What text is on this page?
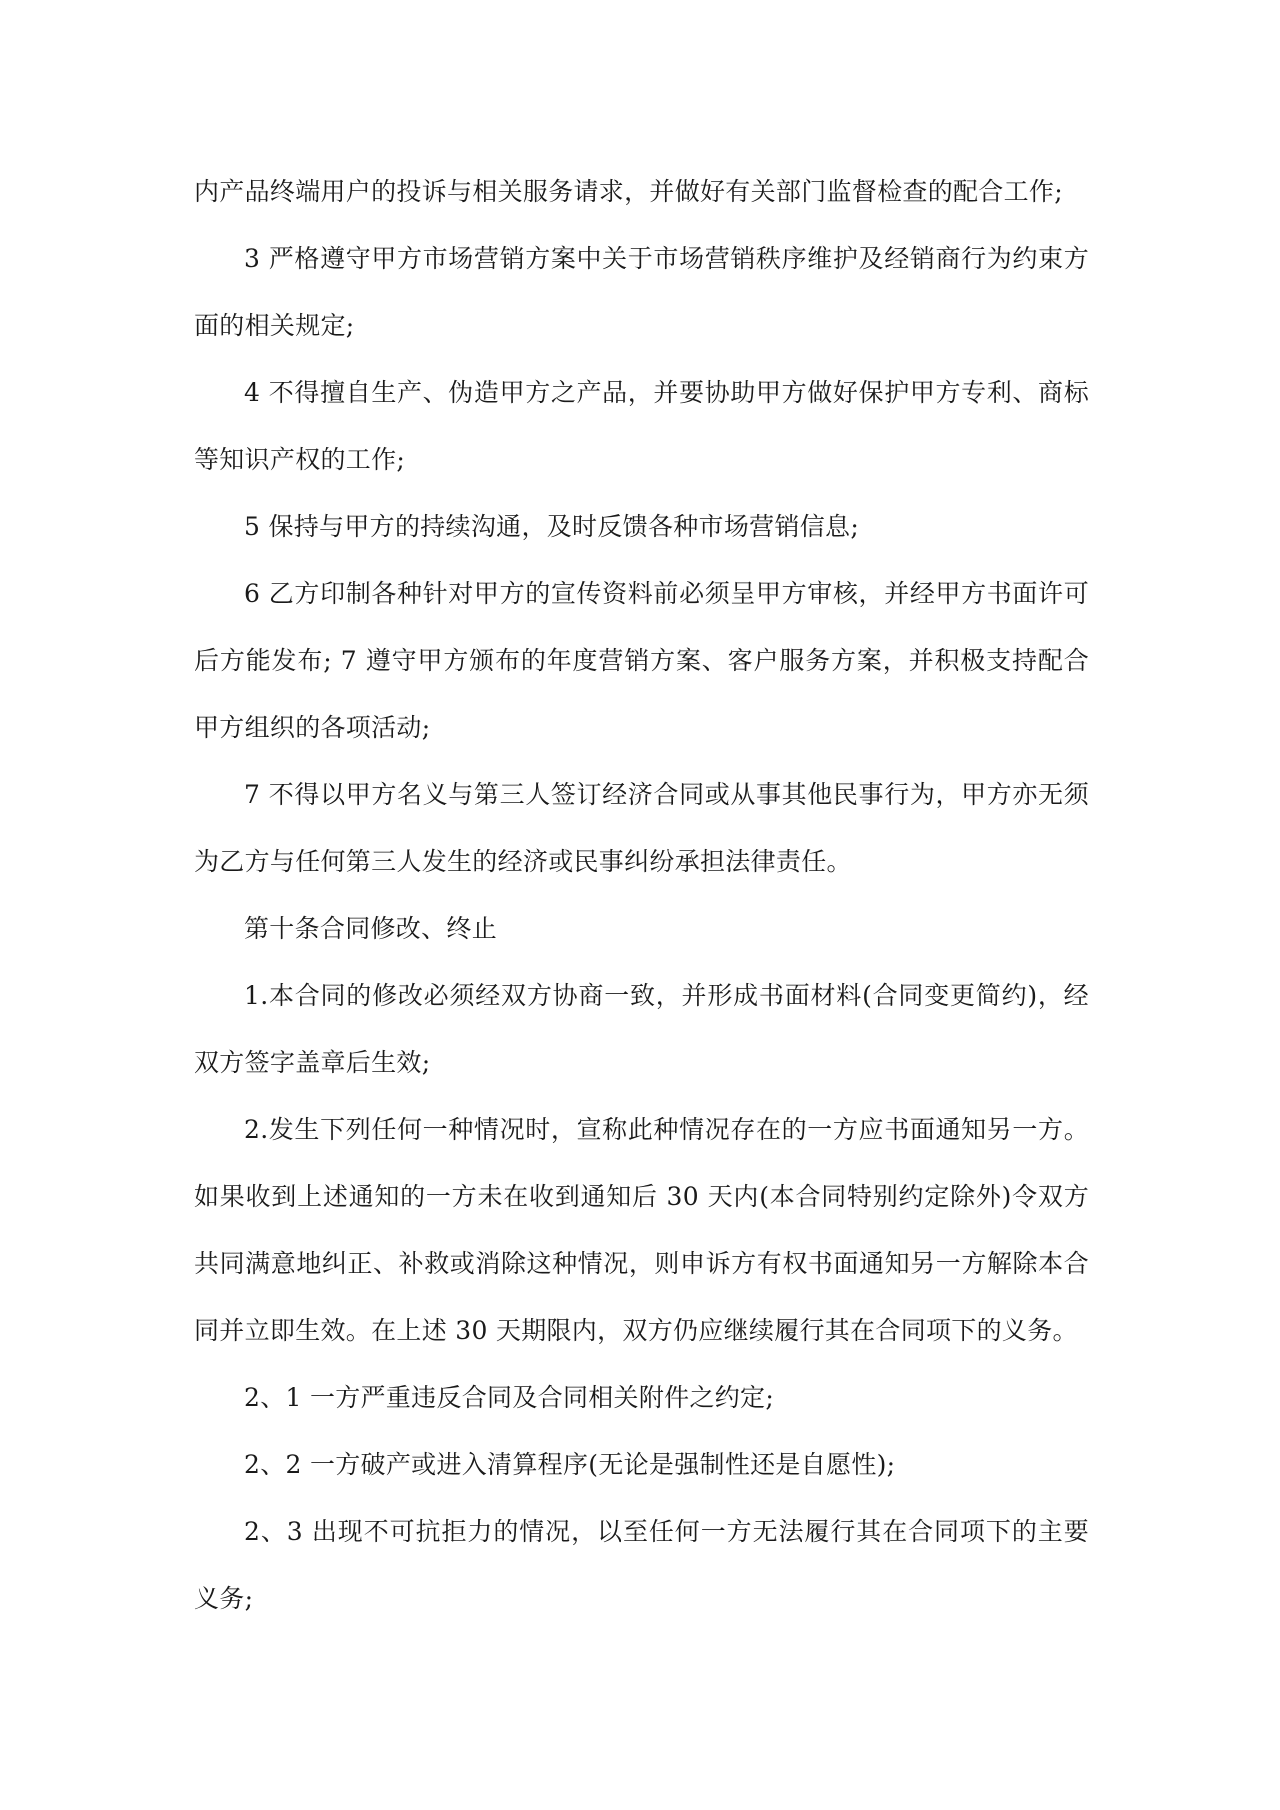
内产品终端用户的投诉与相关服务请求，并做好有关部门监督检查的配合工作;

3 严格遵守甲方市场营销方案中关于市场营销秩序维护及经销商行为约束方面的相关规定;

4 不得擅自生产、伪造甲方之产品，并要协助甲方做好保护甲方专利、商标等知识产权的工作;

5 保持与甲方的持续沟通，及时反馈各种市场营销信息;

6 乙方印制各种针对甲方的宣传资料前必须呈甲方审核，并经甲方书面许可后方能发布; 7 遵守甲方颁布的年度营销方案、客户服务方案，并积极支持配合甲方组织的各项活动;

7 不得以甲方名义与第三人签订经济合同或从事其他民事行为，甲方亦无须为乙方与任何第三人发生的经济或民事纠纷承担法律责任。

第十条合同修改、终止

1.本合同的修改必须经双方协商一致，并形成书面材料(合同变更简约)，经双方签字盖章后生效;

2.发生下列任何一种情况时，宣称此种情况存在的一方应书面通知另一方。如果收到上述通知的一方未在收到通知后 30 天内(本合同特别约定除外)令双方共同满意地纠正、补救或消除这种情况，则申诉方有权书面通知另一方解除本合同并立即生效。在上述 30 天期限内，双方仍应继续履行其在合同项下的义务。

2、1 一方严重违反合同及合同相关附件之约定;

2、2 一方破产或进入清算程序(无论是强制性还是自愿性);

2、3 出现不可抗拒力的情况，以至任何一方无法履行其在合同项下的主要义务;
